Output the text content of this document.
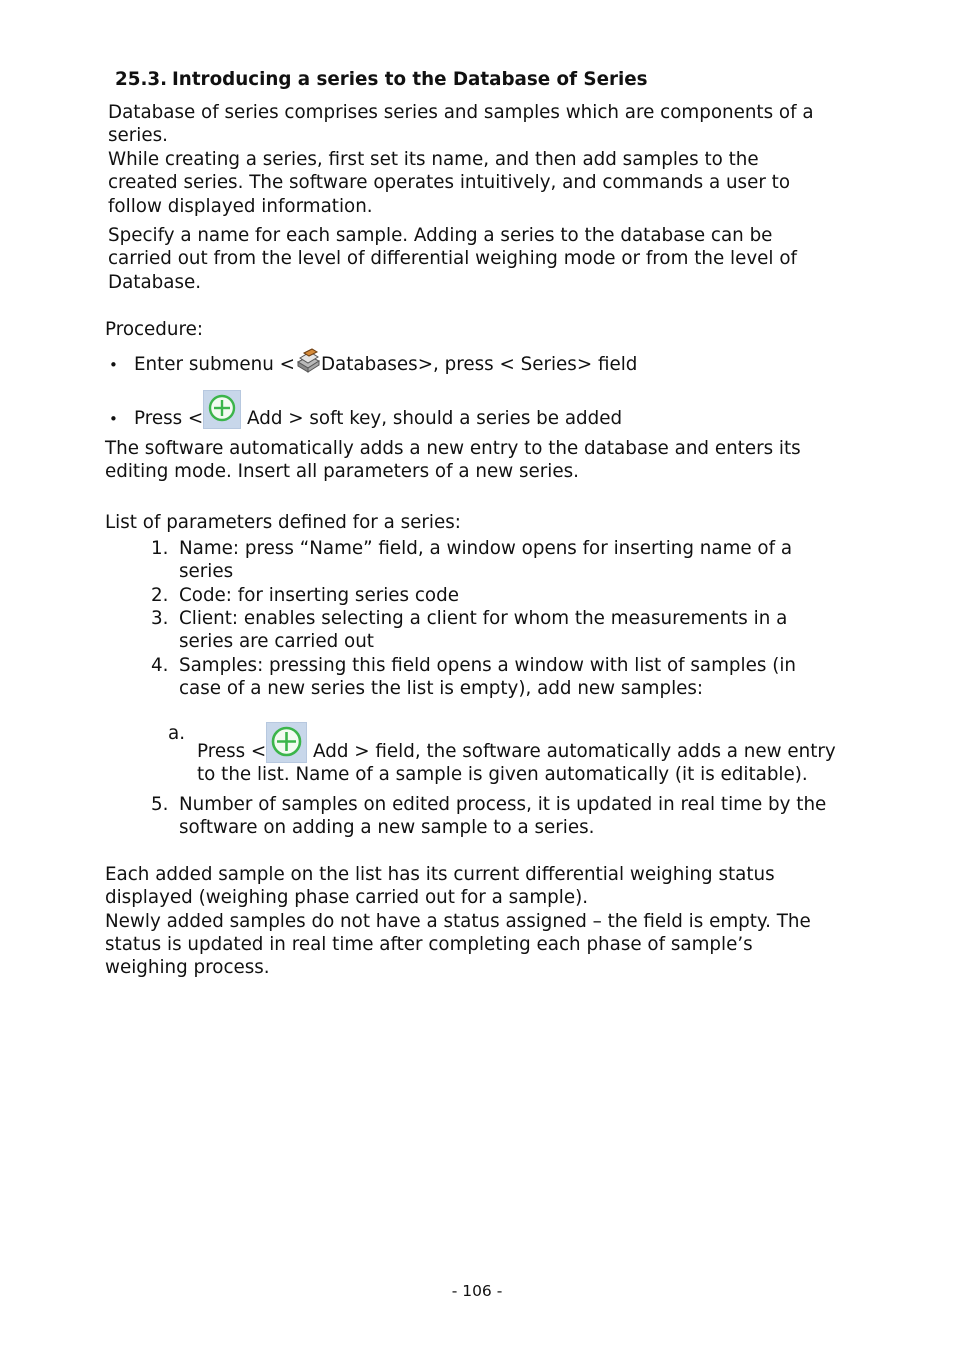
25.3. Introducing a series to the Database of Series

Database of series comprises series and samples which are components of a
series.

While creating a series, first set its name, and then add samples to the
created series. The software operates intuitively, and commands a user to
follow displayed information.

Specify a name for each sample. Adding a series to the database can be
carried out from the level of differential weighing mode or from the level of
Database.

Procedure:

• Enter submenu < Databases>, press < Series> field
• Press <
Add > soft key, should a series be added

The software automatically adds a new entry to the database and enters its
editing mode. Insert all parameters of a new series.

List of parameters defined for a series:

1. Name: press “Name” field, a window opens for inserting name of a
series
2. Code: for inserting series code
3. Client: enables selecting a client for whom the measurements in a
series are carried out
4. Samples: pressing this field opens a window with list of samples (in
case of a new series the list is empty), add new samples:
a.
Press <
Add > field, the software automatically adds a new entry
to the list. Name of a sample is given automatically (it is editable).
5. Number of samples on edited process, it is updated in real time by the
software on adding a new sample to a series.

Each added sample on the list has its current differential weighing status
displayed (weighing phase carried out for a sample).
Newly added samples do not have a status assigned – the field is empty. The
status is updated in real time after completing each phase of sample’s
weighing process.

- 106 -
